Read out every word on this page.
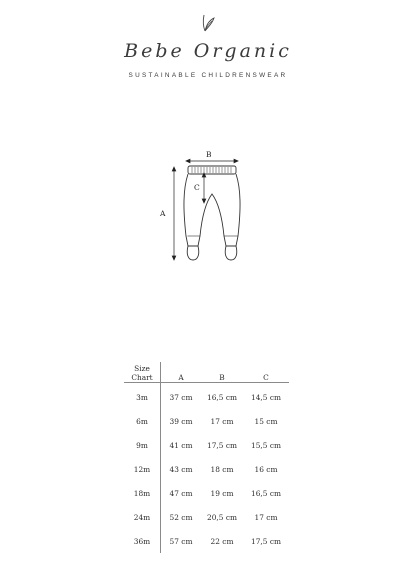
Bebe Organic
SUSTAINABLE CHILDRENSWEAR
B
A
C
Size
Chart	A	B	C
3m	37 cm	16,5 cm	14,5 cm
6m	39 cm	17 cm	15 cm
9m	41 cm	17,5 cm	15,5 cm
12m	43 cm	18 cm	16 cm
18m	47 cm	19 cm	16,5 cm
24m	52 cm	20,5 cm	17 cm
36m	57 cm	22 cm	17,5 cm
